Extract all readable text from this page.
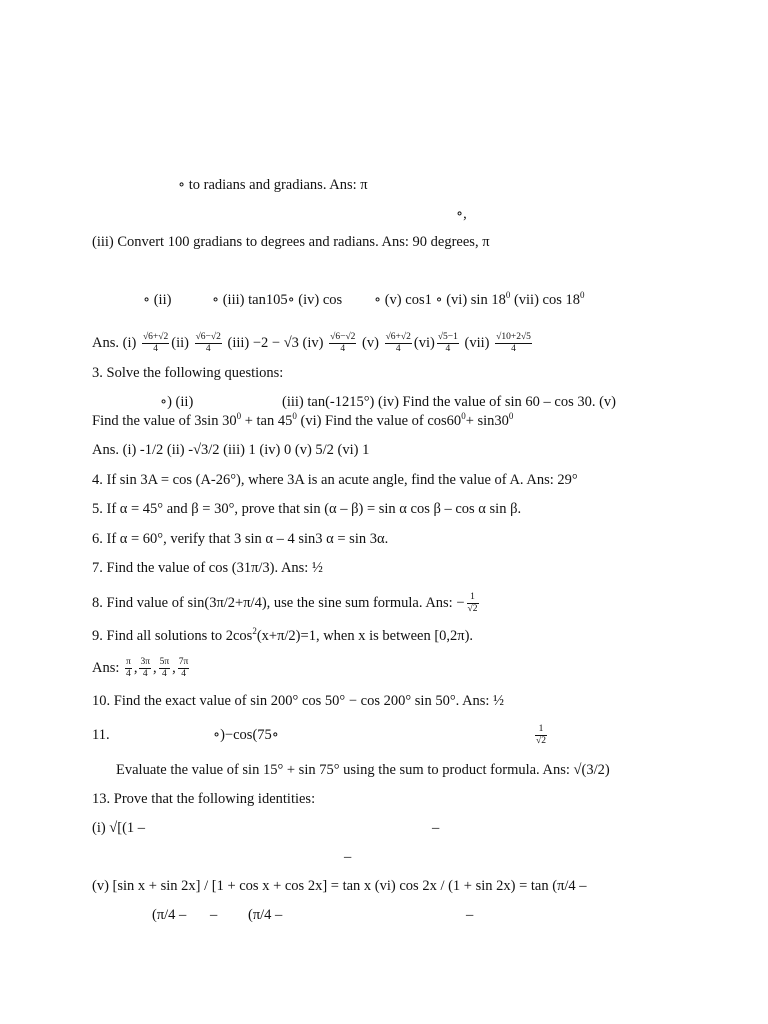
∘ to radians and gradians. Ans: π
∘,
(iii) Convert 100 gradians to degrees and radians. Ans: 90 degrees, π
∘ (ii)	∘ (iii) tan105∘ (iv) cos ∘ (v) cos1 ∘ (vi) $\sin 18^0$ (vii) $\cos 18^0$
Ans. $(i) \frac{√6+√2}{4} (ii) \frac{√6-√2}{4} (iii) -2 - √3$ $(iv) \frac{√6-√2}{4} (v) \frac{√6+√2}{4} (vi) \frac{√5-1}{4} (vii) \frac{√10+2√5}{4}$
3. Solve the following questions:
∘) (ii)	(iii) tan(-1215°) (iv) Find the value of sin 60 – cos 30. (v)
Find the value of 3sin $30^0 + \tan 45^0$ (vi) Find the value of $\cos 60^0+ \sin 30^0$
Ans. (i) -1/2 (ii) -√3/2 (iii) 1 (iv) 0 (v) 5/2 (vi) 1
4. If sin 3A = cos (A-26°), where 3A is an acute angle, find the value of A. Ans: 29°
5. If α = 45° and β = 30°, prove that sin (α – β) = sin α cos β – cos α sin β.
6. If α = 60°, verify that 3 sin α – 4 sin3 α = sin 3α.
7. Find the value of cos (31π/3). Ans: ½
8. Find value of sin(3π/2+π/4), use the sine sum formula. Ans: − $\frac{1}{√2}$
9. Find all solutions to $2\cos^2(x+\pi/2)=1$, when x is between [0,2π).
Ans: $\frac{\pi}{4}$ , $\frac{3\pi}{4}$ , $\frac{5\pi}{4}$ , $\frac{7\pi}{4}$
10. Find the exact value of sin 200° cos 50° − cos 200° sin 50°. Ans: ½
11.	∘)−cos(75∘	$\frac{1}{√2}$
Evaluate the value of sin 15° + sin 75° using the sum to product formula. Ans: √(3/2)
13. Prove that the following identities:
(i) √[(1 –	–
–
(v) [sin x + sin 2x] / [1 + cos x + cos 2x] = tan x (vi) cos 2x / (1 + sin 2x) = tan (π/4 –
(π/4 – – (π/4 –	–
